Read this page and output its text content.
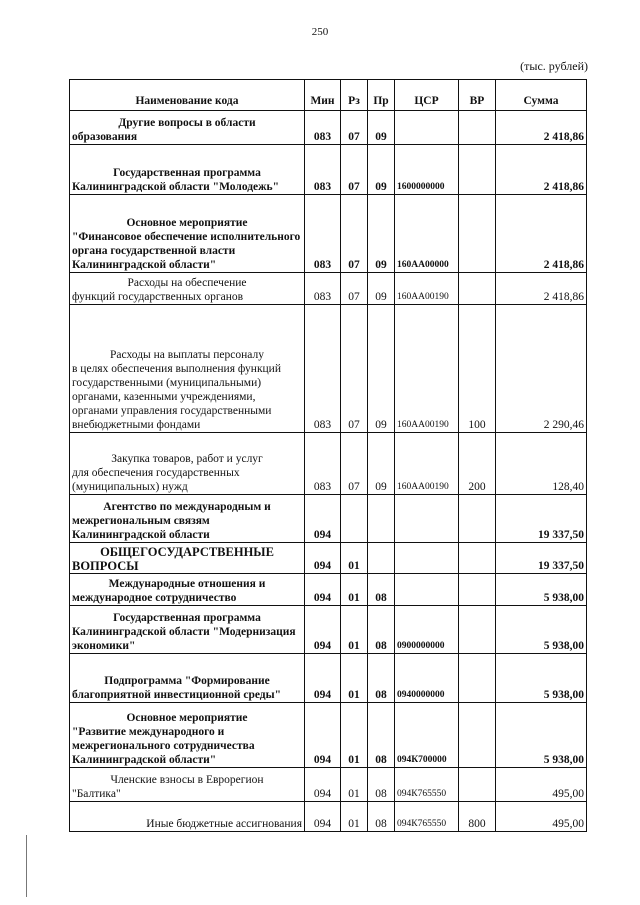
250
(тыс. рублей)
Наименование кода	Мин	Рз	Пр	ЦСР	ВР	Сумма

Другие вопросы в области
образования	083	07	09			2 418,86

Государственная программа
Калининградской области "Молодежь"	083	07	09	1600000000		2 418,86

Основное мероприятие
"Финансовое обеспечение исполнительного органа государственной власти Калининградской области"	083	07	09	160АА00000		2 418,86

Расходы на обеспечение
функций государственных органов	083	07	09	160АА00190		2 418,86

Расходы на выплаты персоналу
в целях обеспечения выполнения функций государственными (муниципальными) органами, казенными учреждениями, органами управления государственными внебюджетными фондами	083	07	09	160АА00190	100	2 290,46

Закупка товаров, работ и услуг
для обеспечения государственных (муниципальных) нужд	083	07	09	160АА00190	200	128,40

Агентство по международным и
межрегиональным связям Калининградской области	094					19 337,50

ОБЩЕГОСУДАРСТВЕННЫЕ
ВОПРОСЫ	094	01				19 337,50

Международные отношения и
международное сотрудничество	094	01	08			5 938,00

Государственная программа
Калининградской области "Модернизация экономики"	094	01	08	0900000000		5 938,00

Подпрограмма "Формирование
благоприятной инвестиционной среды"	094	01	08	0940000000		5 938,00

Основное мероприятие
"Развитие международного и межрегионального сотрудничества Калининградской области"	094	01	08	094К700000		5 938,00

Членские взносы в Еврорегион
"Балтика"	094	01	08	094К765550		495,00
Иные бюджетные ассигнования	094	01	08	094К765550	800	495,00
